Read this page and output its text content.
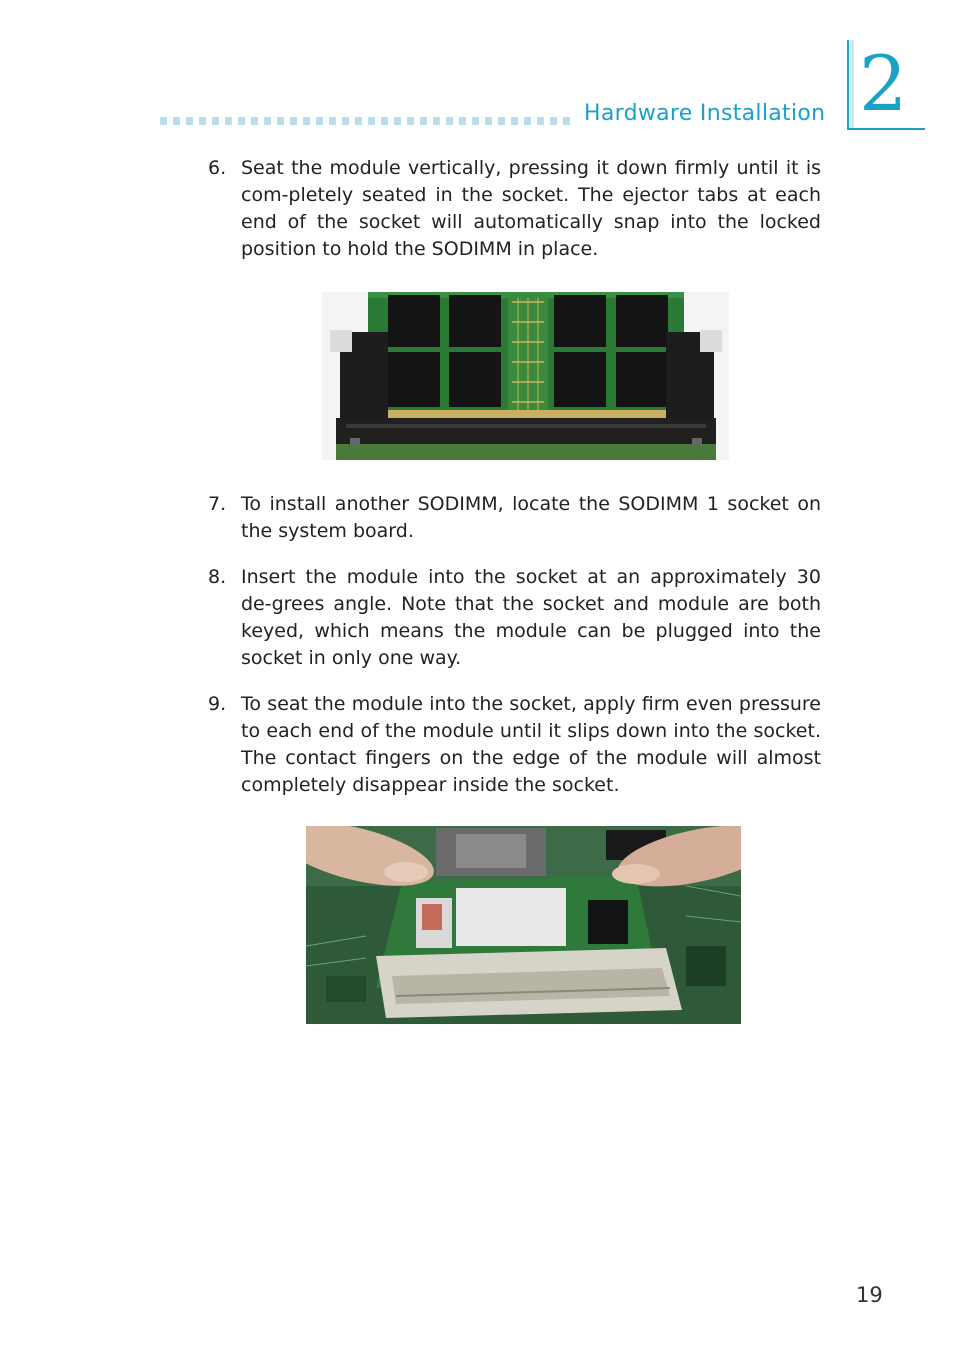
Hardware Installation 2
6. Seat the module vertically, pressing it down firmly until it is com-pletely seated in the socket. The ejector tabs at each end of the socket will automatically snap into the locked position to hold the SODIMM in place.
7. To install another SODIMM, locate the SODIMM 1 socket on the system board.
8. Insert the module into the socket at an approximately 30 de-grees angle. Note that the socket and module are both keyed, which means the module can be plugged into the socket in only one way.
9. To seat the module into the socket, apply firm even pressure to each end of the module until it slips down into the socket. The contact fingers on the edge of the module will almost completely disappear inside the socket.
19
